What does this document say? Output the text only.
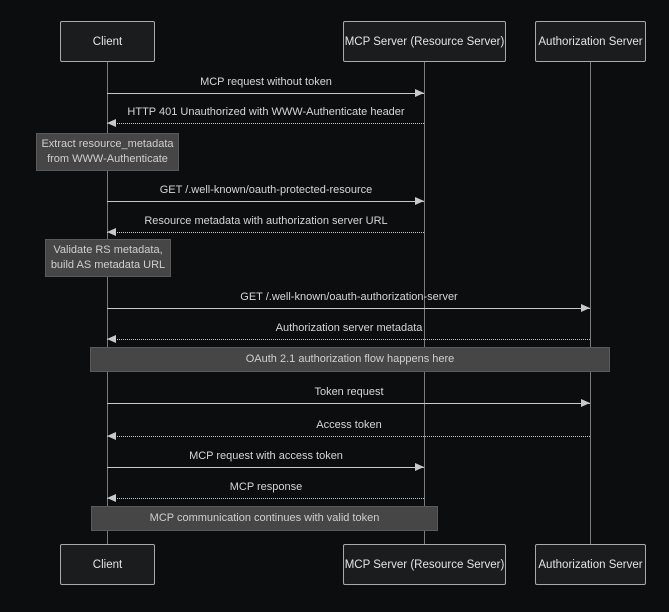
Client	MCP Server (Resource Server)	Authorization Server
MCP request without token
HTTP 401 Unauthorized with WWW-Authenticate header
Extract resource_metadata from WWW-Authenticate
GET /.well-known/oauth-protected-resource
Resource metadata with authorization server URL
Validate RS metadata, build AS metadata URL
GET /.well-known/oauth-authorization-server
Authorization server metadata
OAuth 2.1 authorization flow happens here
Token request
Access token
MCP request with access token
MCP response
MCP communication continues with valid token
Client	MCP Server (Resource Server)	Authorization Server
